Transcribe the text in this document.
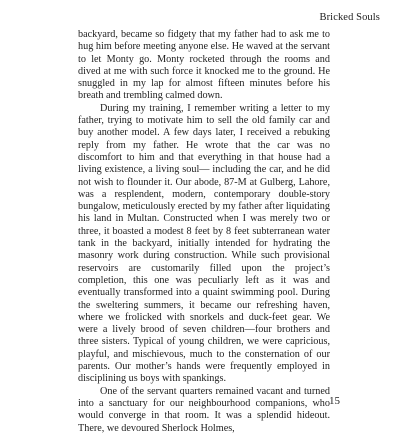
Bricked Souls

backyard, became so fidgety that my father had to ask me to hug him before meeting anyone else. He waved at the servant to let Monty go. Monty rocketed through the rooms and dived at me with such force it knocked me to the ground. He snuggled in my lap for almost fifteen minutes before his breath and trembling calmed down.

During my training, I remember writing a letter to my father, trying to motivate him to sell the old family car and buy another model. A few days later, I received a rebuking reply from my father. He wrote that the car was no discomfort to him and that everything in that house had a living existence, a living soul— including the car, and he did not wish to flounder it. Our abode, 87-M at Gulberg, Lahore, was a resplendent, modern, contemporary double-story bungalow, meticulously erected by my father after liquidating his land in Multan. Constructed when I was merely two or three, it boasted a modest 8 feet by 8 feet subterranean water tank in the backyard, initially intended for hydrating the masonry work during construction. While such provisional reservoirs are customarily filled upon the project’s completion, this one was peculiarly left as it was and eventually transformed into a quaint swimming pool. During the sweltering summers, it became our refreshing haven, where we frolicked with snorkels and duck-feet gear. We were a lively brood of seven children—four brothers and three sisters. Typical of young children, we were capricious, playful, and mischievous, much to the consternation of our parents. Our mother’s hands were frequently employed in disciplining us boys with spankings.

One of the servant quarters remained vacant and turned into a sanctuary for our neighbourhood companions, who would converge in that room. It was a splendid hideout. There, we devoured Sherlock Holmes,

15
